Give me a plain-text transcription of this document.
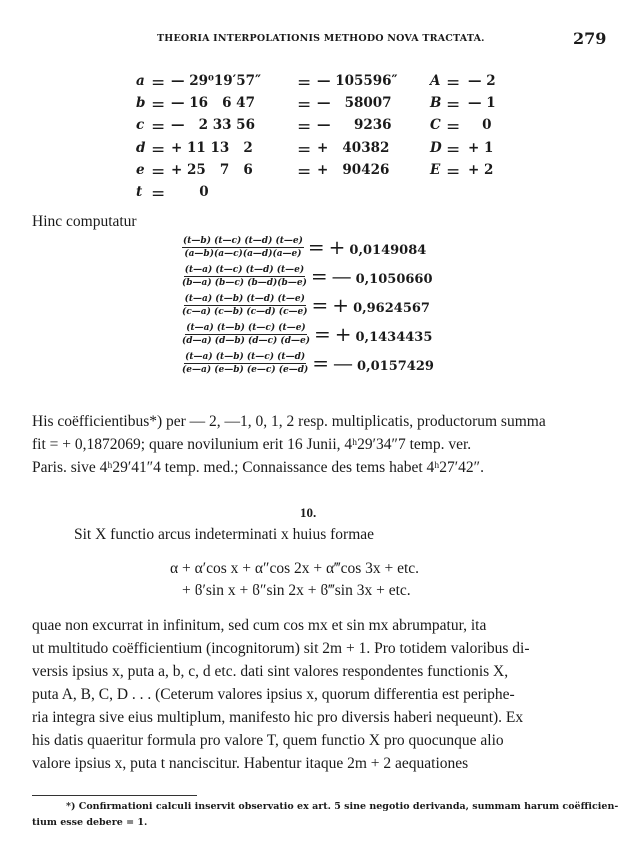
THEORIA INTERPOLATIONIS METHODO NOVA TRACTATA.	279
a = — 29⁰19′57″ = — 105596″ A = — 2
b = — 16   6 47 = —   58007	B = — 1
c = —   2 33 56 = —     9236	C = 0
d = + 11 13   2	= +   40382	D = + 1
e = + 25   7   6	= +   90426	E = + 2
t = 0
Hinc computatur
$\frac{(t—b) (t—c) (t—d) (t—e)}{(a—b)(a—c)(a—d)(a—e)}$ = + 0,0149084
$\frac{(t—a) (t—c) (t—d) (t—e)}{(b—a) (b—c) (b—d)(b—e)}$ = — 0,1050660
$\frac{(t—a) (t—b) (t—d) (t—e)}{(c—a) (c—b) (c—d) (c—e)}$ = + 0,9624567
$\frac{(t—a) (t—b) (t—c) (t—e)}{(d—a) (d—b) (d—c) (d—e)}$ = + 0,1434435
$\frac{(t—a) (t—b) (t—c) (t—d)}{(e—a) (e—b) (e—c) (e—d)}$ = — 0,0157429
His coëfficientibus*) per — 2, —1, 0, 1, 2 resp. multiplicatis, productorum summa
fit = + 0,1872069; quare novilunium erit 16 Junii, 4ʰ29′34″7 temp. ver.
Paris. sive 4ʰ29′41″4 temp. med.; Connaissance des tems habet 4ʰ27′42″.
10.
Sit X functio arcus indeterminati x huius formae
α + α′cos x + α″cos 2x + α‴cos 3x + etc.
+ ϐ′sin x + ϐ″sin 2x + ϐ‴sin 3x + etc.
quae non excurrat in infinitum, sed cum cos mx et sin mx abrumpatur, ita
ut multitudo coëfficientium (incognitorum) sit 2m + 1. Pro totidem valoribus di-
versis ipsius x, puta a, b, c, d etc. dati sint valores respondentes functionis X,
puta A, B, C, D . . . (Ceterum valores ipsius x, quorum differentia est periphe-
ria integra sive eius multiplum, manifesto hic pro diversis haberi nequeunt). Ex
his datis quaeritur formula pro valore T, quem functio X pro quocunque alio
valore ipsius x, puta t nanciscitur. Habentur itaque 2m + 2 aequationes
*) Confirmationi calculi inservit observatio ex art. 5 sine negotio derivanda, summam harum coëfficien-
tium esse debere = 1.
